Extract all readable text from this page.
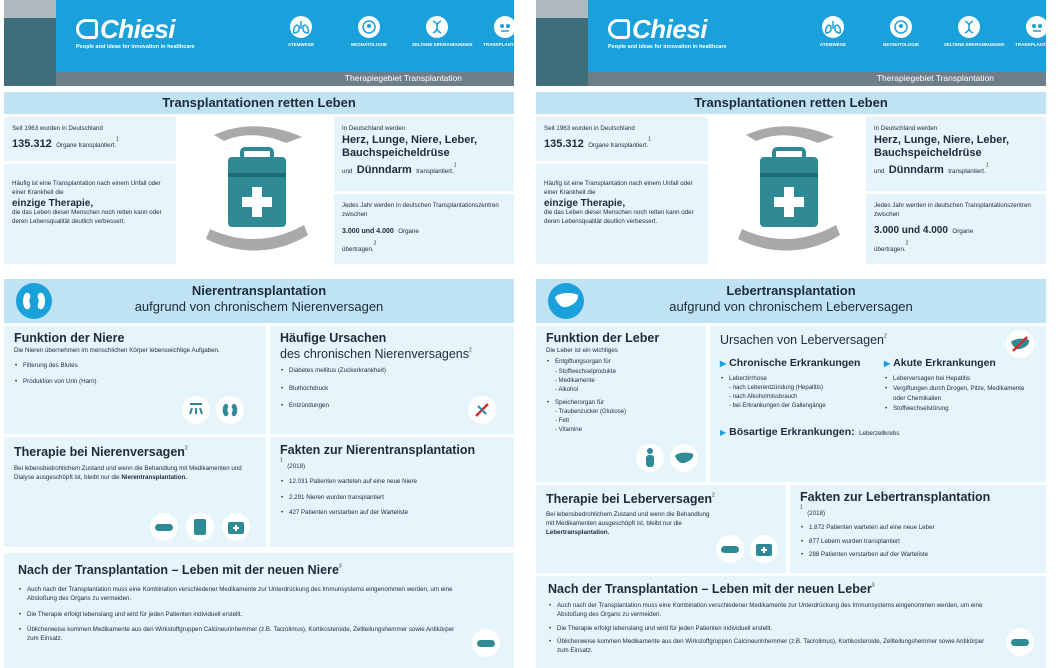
Chiesi
People and ideas for innovation in healthcare	ATEMWEGE	NEONATOLOGIE	SELTENE ERKRANKUNGEN	TRANSPLANTATION
Therapiegebiet Transplantation
Transplantationen retten Leben
Seit 1963 wurden in Deutschland
135.312 Organe transplantiert.$^1$
Häufig ist eine Transplantation nach einem Unfall oder einer Krankheit die
einzige Therapie,
die das Leben dieser Menschen noch retten kann oder deren Lebensqualität deutlich verbessert.
In Deutschland werden
Herz, Lunge, Niere, Leber, Bauchspeicheldrüse
und Dünndarm transplantiert.$^1$
Jedes Jahr werden in deutschen Transplantationszentren zwischen
3.000 und 4.000 Organe
übertragen.$^2$
Nierentransplantation
aufgrund von chronischem Nierenversagen
Funktion der Niere
Die Nieren übernehmen im menschlichen Körper lebenswichtige Aufgaben.
• Filterung des Blutes
• Produktion von Urin (Harn)
Häufige Ursachen
des chronischen Nierenversagens$^2$
• Diabetes mellitus (Zuckerkrankheit)
• Bluthochdruck
• Entzündungen
Therapie bei Nierenversagen$^2$
Bei lebensbedrohlichem Zustand und wenn die Behandlung mit Medikamenten und Dialyse ausgeschöpft ist, bleibt nur die Nierentransplantation.
Fakten zur Nierentransplantation
$^1$ (2018)
• 12.031 Patienten warteten auf eine neue Niere
• 2.291 Nieren wurden transplantiert
• 427 Patienten verstarben auf der Warteliste
Nach der Transplantation – Leben mit der neuen Niere$^3$
• Auch nach der Transplantation muss eine Kombination verschiedener Medikamente zur Unterdrückung des Immunsystems eingenommen werden, um eine Abstoßung des Organs zu vermeiden.
• Die Therapie erfolgt lebenslang und wird für jeden Patienten individuell erstellt.
• Üblicherweise kommen Medikamente aus den Wirkstoffgruppen Calcineurinhemmer (z.B. Tacrolimus), Kortikosteroide, Zellteilungshemmer sowie Antikörper zum Einsatz.
Chiesi
People and ideas for innovation in healthcare	ATEMWEGE	NEONATOLOGIE	SELTENE ERKRANKUNGEN	TRANSPLANTATION
Therapiegebiet Transplantation
Transplantationen retten Leben
Seit 1963 wurden in Deutschland
135.312 Organe transplantiert.$^1$
Häufig ist eine Transplantation nach einem Unfall oder einer Krankheit die
einzige Therapie,
die das Leben dieser Menschen noch retten kann oder deren Lebensqualität deutlich verbessert.
In Deutschland werden
Herz, Lunge, Niere, Leber, Bauchspeicheldrüse
und Dünndarm transplantiert.$^1$
Jedes Jahr werden in deutschen Transplantationszentren zwischen
3.000 und 4.000 Organe
übertragen.$^2$
Lebertransplantation
aufgrund von chronischem Leberversagen
Funktion der Leber
Die Leber ist ein wichtiges
• Entgiftungsorgan für
- Stoffwechselprodukte
- Medikamente
- Alkohol
• Speicherorgan für
- Traubenzucker (Glukose)
- Fett
- Vitamine
Ursachen von Leberversagen$^2$
▶ Chronische Erkrankungen
• Leberzirrhose
- nach Leberentzündung (Hepatitis)
- nach Alkoholmissbrauch
- bei Erkrankungen der Gallengänge
▶ Akute Erkrankungen
• Leberversagen bei Hepatitis
• Vergiftungen durch Drogen, Pilze, Medikamente oder Chemikalien
• Stoffwechselstörung
▶ Bösartige Erkrankungen: Leberzellkrebs
Therapie bei Leberversagen$^2$
Bei lebensbedrohlichem Zustand und wenn die Behandlung mit Medikamenten ausgeschöpft ist, bleibt nur die Lebertransplantation.
Fakten zur Lebertransplantation
$^1$ (2018)
• 1.872 Patienten warteten auf eine neue Leber
• 877 Lebern wurden transplantiert
• 288 Patienten verstarben auf der Warteliste
Nach der Transplantation – Leben mit der neuen Leber$^3$
• Auch nach der Transplantation muss eine Kombination verschiedener Medikamente zur Unterdrückung des Immunsystems eingenommen werden, um eine Abstoßung des Organs zu vermeiden.
• Die Therapie erfolgt lebenslang und wird für jeden Patienten individuell erstellt.
• Üblicherweise kommen Medikamente aus den Wirkstoffgruppen Calcineurinhemmer (z.B. Tacrolimus), Kortikosteroide, Zellteilungshemmer sowie Antikörper zum Einsatz.
